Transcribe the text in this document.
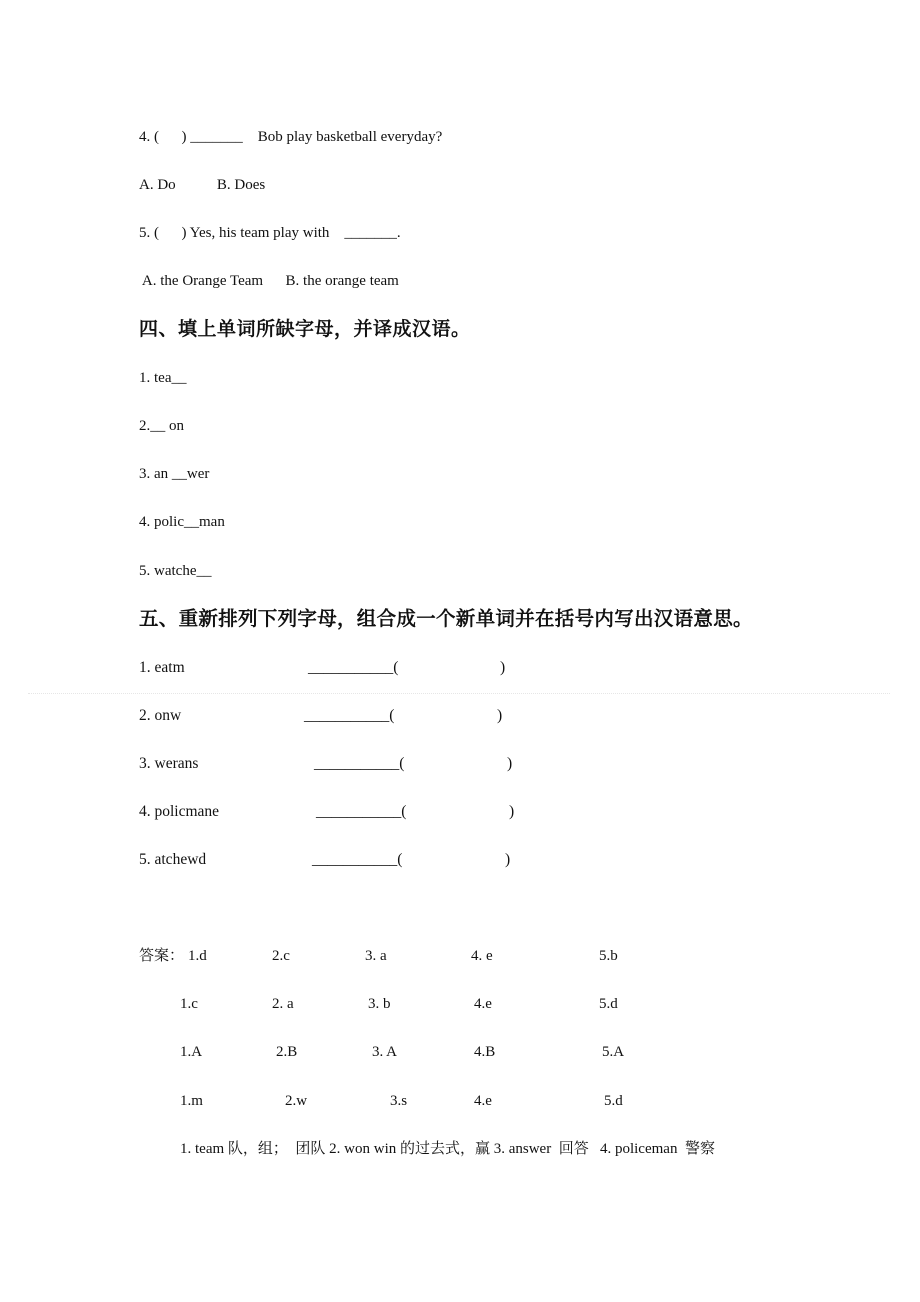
4. (      ) _______    Bob play basketball everyday?
A. Do           B. Does
5. (      ) Yes, his team play with    _______.
A. the Orange Team      B. the orange team
四、填上单词所缺字母，并译成汉语。
1. tea__
2.__ on
3. an __wer
4. polic__man
5. watche__
五、重新排列下列字母，组合成一个新单词并在括号内写出汉语意思。
1. eatm	___________(	)
2. onw	___________(	)
3. werans	___________(	)
4. policmane	___________(	)
5. atchewd	___________(	)
答案： 1.d	2.c	3. a	4. e	5.b
1.c	2. a	3. b	4.e	5.d
1.A	2.B	3. A	4.B	5.A
1.m	2.w	3.s	4.e	5.d
1. team 队，组；  团队 2. won win 的过去式，赢 3. answer  回答   4. policeman  警察
